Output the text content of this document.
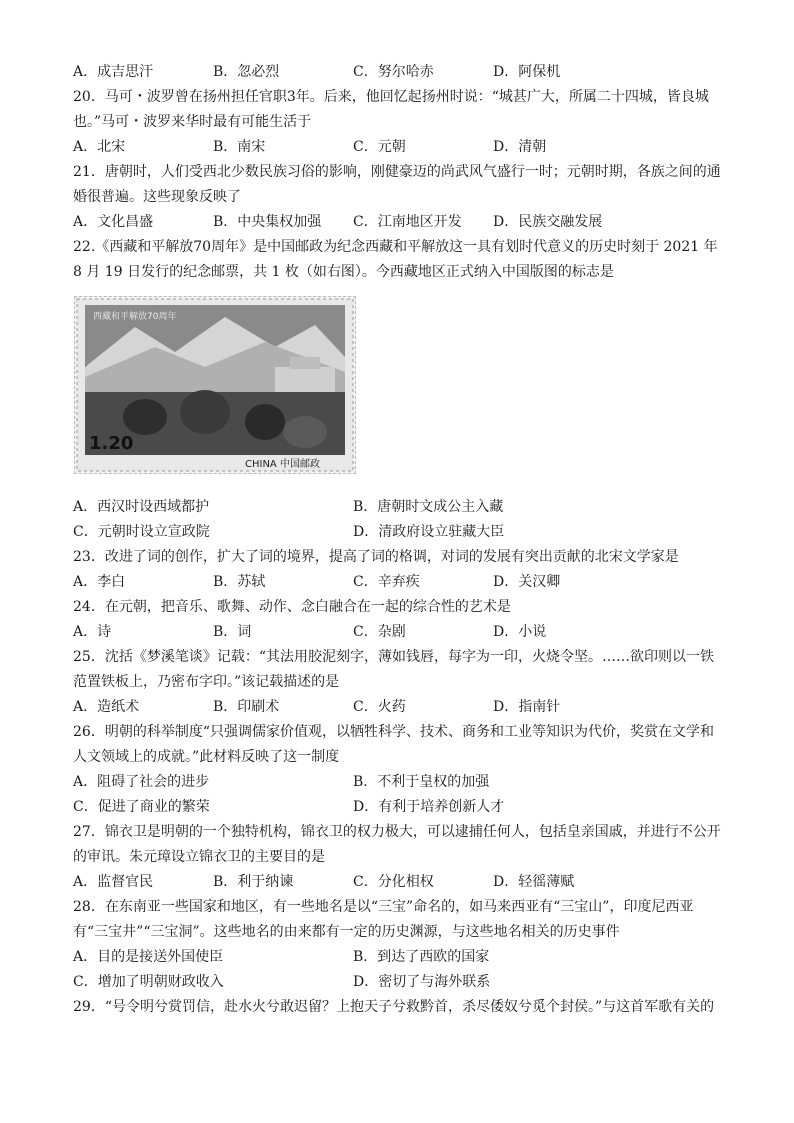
A．成吉思汗	B．忽必烈	C．努尔哈赤	D．阿保机
20．马可・波罗曾在扬州担任官职3年。后来，他回忆起扬州时说：“城甚广大，所属二十四城，皆良城
也。”马可・波罗来华时最有可能生活于
A．北宋	B．南宋	C．元朝	D．清朝
21．唐朝时，人们受西北少数民族习俗的影响，刚健豪迈的尚武风气盛行一时；元朝时期，各族之间的通
婚很普遍。这些现象反映了
A．文化昌盛	B．中央集权加强 C．江南地区开发 D．民族交融发展
22.《西藏和平解放70周年》是中国邮政为纪念西藏和平解放这一具有划时代意义的历史时刻于 2021 年
8 月 19 日发行的纪念邮票，共 1 枚（如右图）。今西藏地区正式纳入中国版图的标志是
A．西汉时设西域都护	B．唐朝时文成公主入藏
C．元朝时设立宣政院	D．清政府设立驻藏大臣
23．改进了词的创作，扩大了词的境界，提高了词的格调，对词的发展有突出贡献的北宋文学家是
A．李白	B．苏轼	C．辛弃疾	D．关汉卿
24．在元朝，把音乐、歌舞、动作、念白融合在一起的综合性的艺术是
A．诗	B．词	C．杂剧	D．小说
25．沈括《梦溪笔谈》记载：“其法用胶泥刻字，薄如钱唇，每字为一印，火烧令坚。……欲印则以一铁
范置铁板上，乃密布字印。”该记载描述的是
A．造纸术	B．印刷术	C．火药	D．指南针
26．明朝的科举制度“只强调儒家价值观，以牺牲科学、技术、商务和工业等知识为代价，奖赏在文学和
人文领域上的成就。”此材料反映了这一制度
A．阻碍了社会的进步	B．不利于皇权的加强
C．促进了商业的繁荣	D．有利于培养创新人才
27．锦衣卫是明朝的一个独特机构，锦衣卫的权力极大，可以逮捕任何人，包括皇亲国戚，并进行不公开
的审讯。朱元璋设立锦衣卫的主要目的是
A．监督官民	B．利于纳谏	C．分化相权	D．轻徭薄赋
28．在东南亚一些国家和地区，有一些地名是以“三宝”命名的，如马来西亚有“三宝山”，印度尼西亚
有“三宝井”“三宝洞”。这些地名的由来都有一定的历史渊源，与这些地名相关的历史事件
A．目的是接送外国使臣	B．到达了西欧的国家
C．增加了明朝财政收入	D．密切了与海外联系
29．“号令明兮赏罚信，赴水火兮敢迟留？上抱天子兮救黔首，杀尽倭奴兮觅个封侯。”与这首军歌有关的
西藏和平解放70周年
1.20
CHINA 中国邮政
